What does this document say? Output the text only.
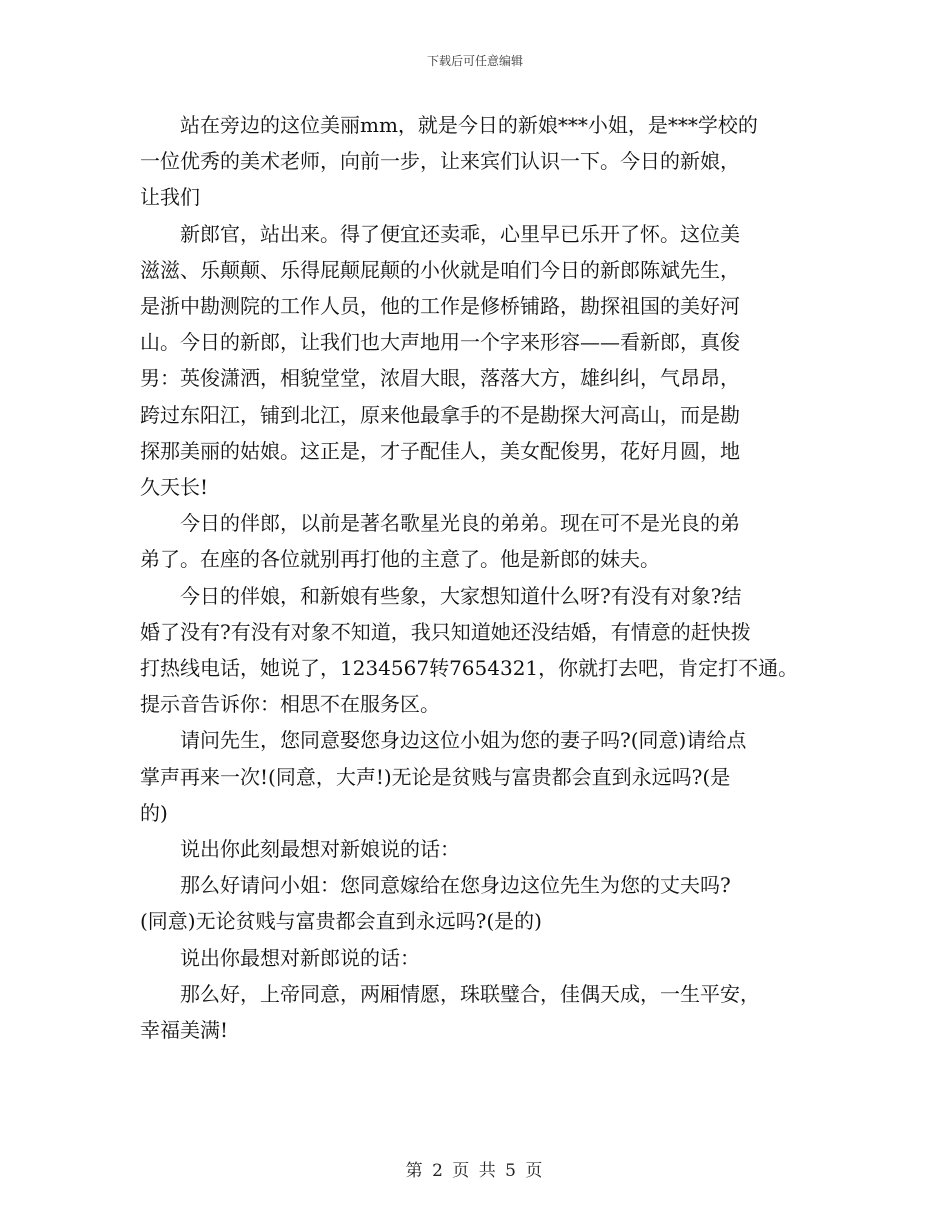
下载后可任意编辑

站在旁边的这位美丽mm，就是今日的新娘***小姐，是***学校的
一位优秀的美术老师，向前一步，让来宾们认识一下。今日的新娘，
让我们

新郎官，站出来。得了便宜还卖乖，心里早已乐开了怀。这位美
滋滋、乐颠颠、乐得屁颠屁颠的小伙就是咱们今日的新郎陈斌先生，
是浙中勘测院的工作人员，他的工作是修桥铺路，勘探祖国的美好河
山。今日的新郎，让我们也大声地用一个字来形容——看新郎，真俊
男：英俊潇洒，相貌堂堂，浓眉大眼，落落大方，雄纠纠，气昂昂，
跨过东阳江，铺到北江，原来他最拿手的不是勘探大河高山，而是勘
探那美丽的姑娘。这正是，才子配佳人，美女配俊男，花好月圆，地
久天长!

今日的伴郎，以前是著名歌星光良的弟弟。现在可不是光良的弟
弟了。在座的各位就别再打他的主意了。他是新郎的妹夫。

今日的伴娘，和新娘有些象，大家想知道什么呀?有没有对象?结
婚了没有?有没有对象不知道，我只知道她还没结婚，有情意的赶快拨
打热线电话，她说了，1234567转7654321，你就打去吧，肯定打不通。
提示音告诉你：相思不在服务区。

请问先生，您同意娶您身边这位小姐为您的妻子吗?(同意)请给点
掌声再来一次!(同意，大声!)无论是贫贱与富贵都会直到永远吗?(是
的)

说出你此刻最想对新娘说的话：

那么好请问小姐：您同意嫁给在您身边这位先生为您的丈夫吗?
(同意)无论贫贱与富贵都会直到永远吗?(是的)

说出你最想对新郎说的话：

那么好，上帝同意，两厢情愿，珠联璧合，佳偶天成，一生平安，
幸福美满!

第 2 页 共 5 页
